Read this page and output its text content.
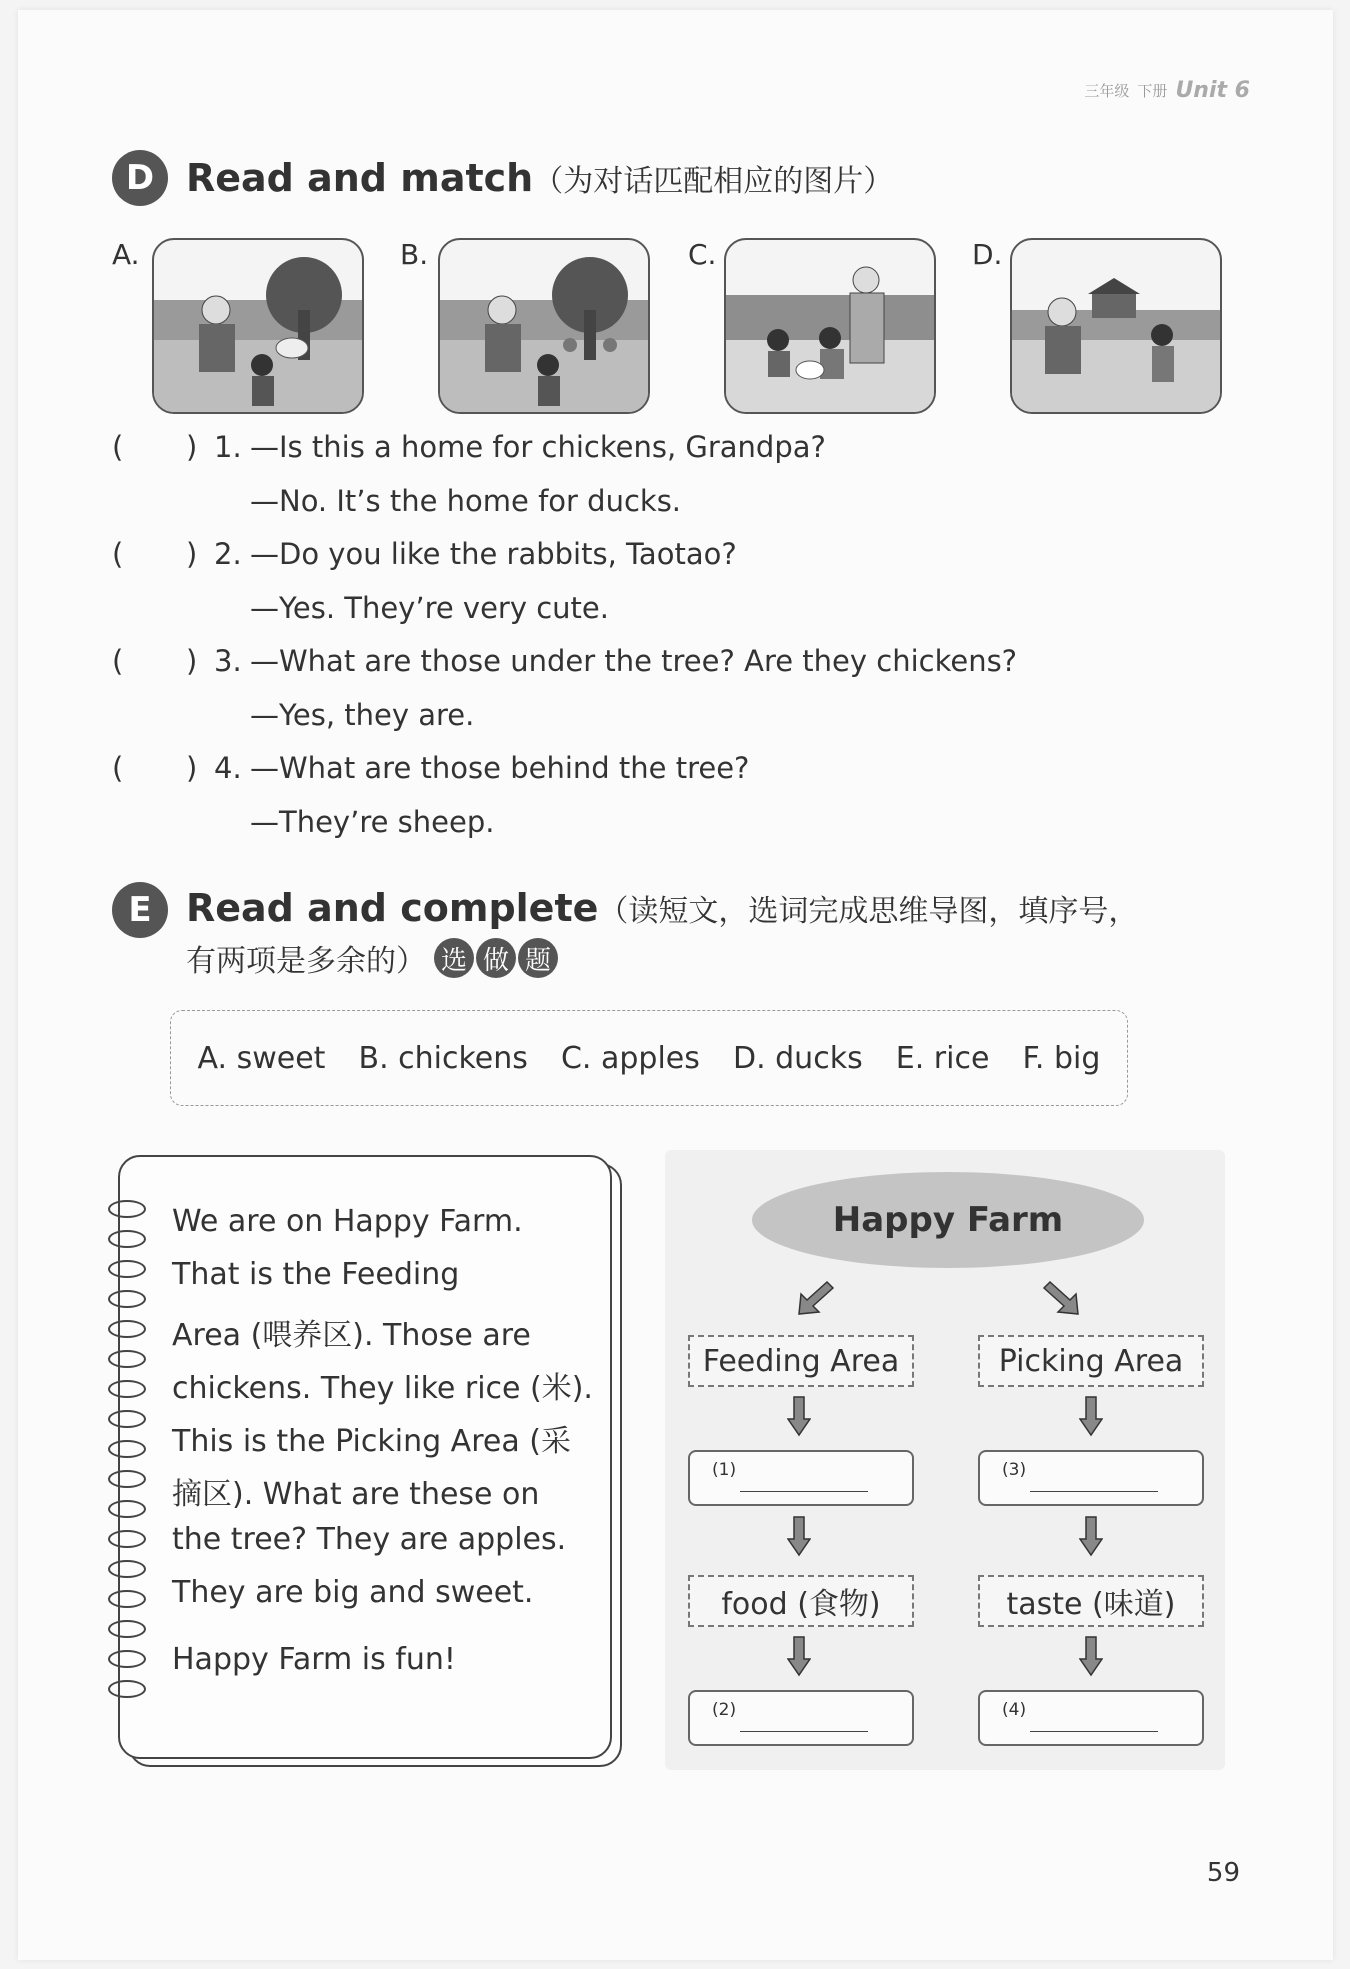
三年级 下册 Unit 6
D Read and match（为对话匹配相应的图片）
A.	B.	C.	D.
( ) 1. —Is this a home for chickens, Grandpa?
—No. It’s the home for ducks.
( ) 2. —Do you like the rabbits, Taotao?
—Yes. They’re very cute.
( ) 3. —What are those under the tree? Are they chickens?
—Yes, they are.
( ) 4. —What are those behind the tree?
—They’re sheep.
E Read and complete（读短文，选词完成思维导图，填序号，
有两项是多余的） 选 做 题
A. sweet B. chickens C. apples D. ducks E. rice F. big
We are on Happy Farm.
That is the Feeding
Area (喂养区). Those are
chickens. They like rice (米).
This is the Picking Area (采
摘区). What are these on
the tree? They are apples.
They are big and sweet.
Happy Farm is fun!
Happy Farm
Feeding Area	Picking Area
(1)	(3)
food (食物)	taste (味道)
(2)	(4)
59
